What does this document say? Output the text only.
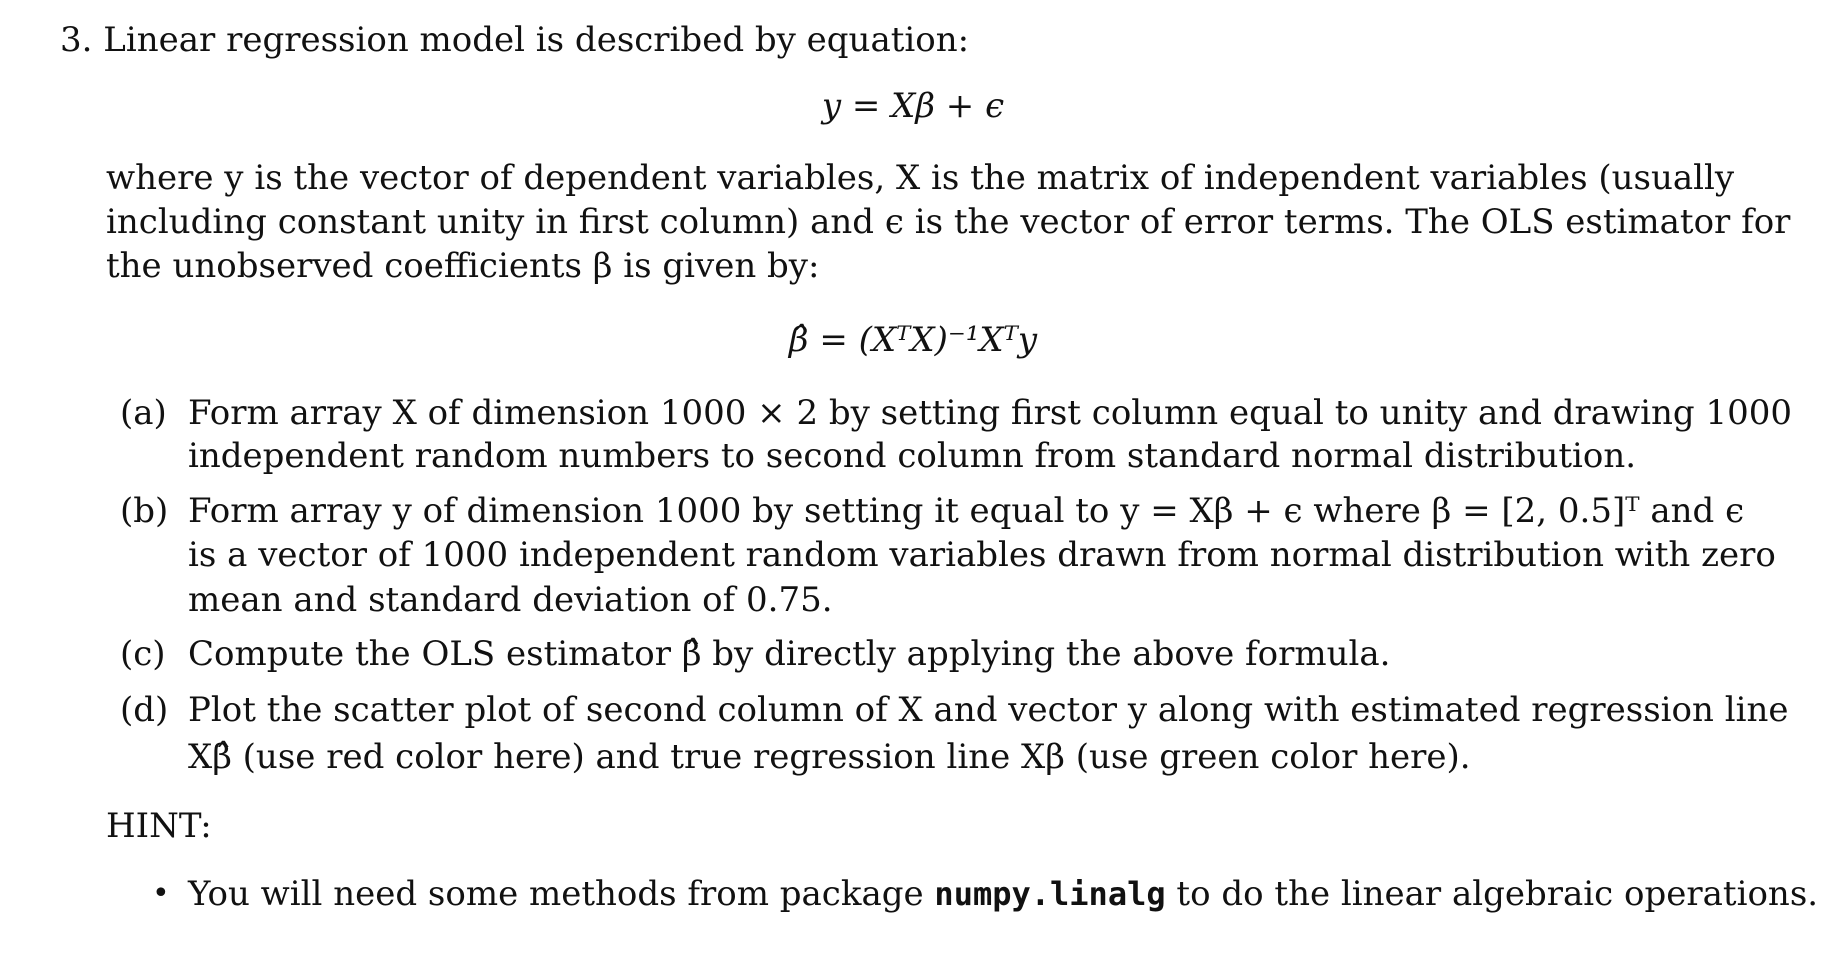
3. Linear regression model is described by equation:
y = Xβ + ϵ
where y is the vector of dependent variables, X is the matrix of independent variables (usually
including constant unity in first column) and ϵ is the vector of error terms. The OLS estimator for
the unobserved coefficients β is given by:
β̂ = (XᵀX)⁻¹Xᵀy
(a) Form array X of dimension 1000 × 2 by setting first column equal to unity and drawing 1000
independent random numbers to second column from standard normal distribution.
(b) Form array y of dimension 1000 by setting it equal to y = Xβ + ϵ where β = [2, 0.5]ᵀ and ϵ
is a vector of 1000 independent random variables drawn from normal distribution with zero
mean and standard deviation of 0.75.
(c) Compute the OLS estimator β̂ by directly applying the above formula.
(d) Plot the scatter plot of second column of X and vector y along with estimated regression line
Xβ̂ (use red color here) and true regression line Xβ (use green color here).
HINT:
• You will need some methods from package numpy.linalg to do the linear algebraic operations.
